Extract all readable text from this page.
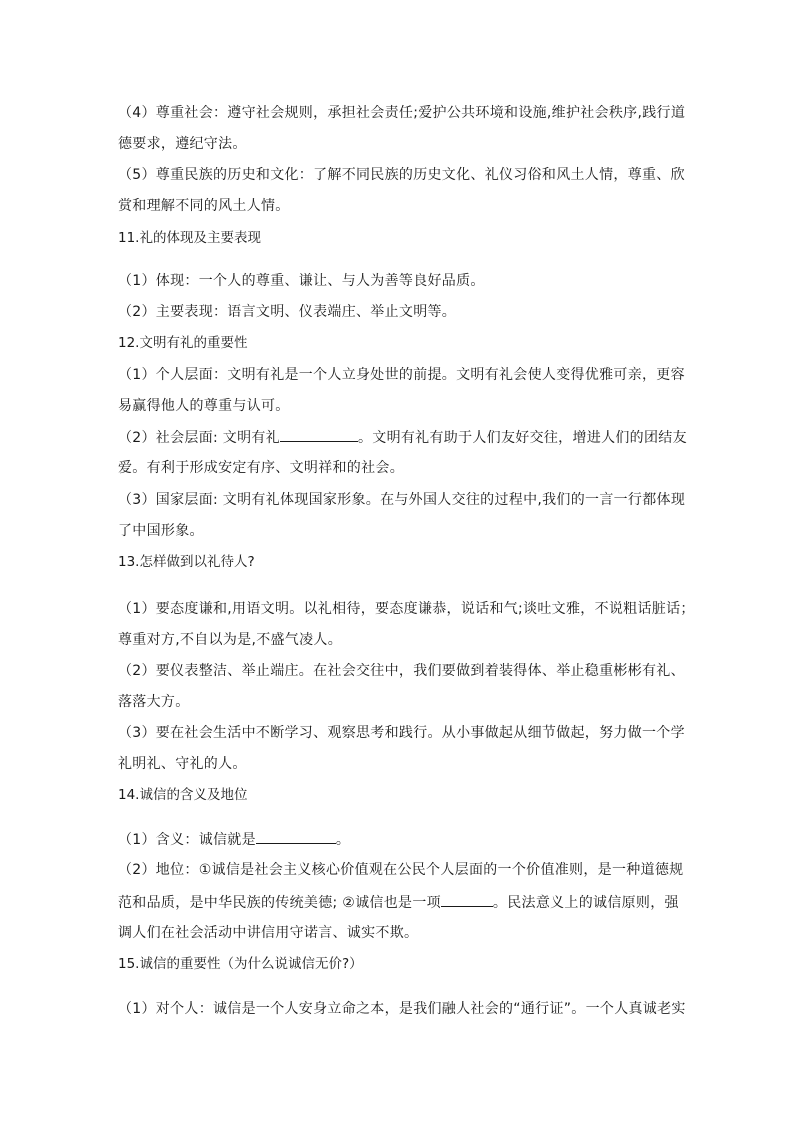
（4）尊重社会：遵守社会规则，承担社会责任;爱护公共环境和设施,维护社会秩序,践行道
德要求，遵纪守法。
（5）尊重民族的历史和文化：了解不同民族的历史文化、礼仪习俗和风土人情，尊重、欣
赏和理解不同的风土人情。
11.礼的体现及主要表现
（1）体现：一个人的尊重、谦让、与人为善等良好品质。
（2）主要表现：语言文明、仪表端庄、举止文明等。
12.文明有礼的重要性
（1）个人层面：文明有礼是一个人立身处世的前提。文明有礼会使人变得优雅可亲，更容
易赢得他人的尊重与认可。
（2）社会层面: 文明有礼	。文明有礼有助于人们友好交往，增进人们的团结友
爱。有利于形成安定有序、文明祥和的社会。
（3）国家层面: 文明有礼体现国家形象。在与外国人交往的过程中,我们的一言一行都体现
了中国形象。
13.怎样做到以礼待人?
（1）要态度谦和,用语文明。以礼相待，要态度谦恭，说话和气;谈吐文雅，不说粗话脏话；
尊重对方,不自以为是,不盛气凌人。
（2）要仪表整洁、举止端庄。在社会交往中，我们要做到着装得体、举止稳重彬彬有礼、
落落大方。
（3）要在社会生活中不断学习、观察思考和践行。从小事做起从细节做起，努力做一个学
礼明礼、守礼的人。
14.诚信的含义及地位
（1）含义：诚信就是	。
（2）地位：①诚信是社会主义核心价值观在公民个人层面的一个价值准则，是一种道德规
范和品质，是中华民族的传统美德; ②诚信也是一项	。民法意义上的诚信原则，强
调人们在社会活动中讲信用守诺言、诚实不欺。
15.诚信的重要性（为什么说诚信无价?）
（1）对个人：诚信是一个人安身立命之本，是我们融人社会的“通行证”。一个人真诚老实
